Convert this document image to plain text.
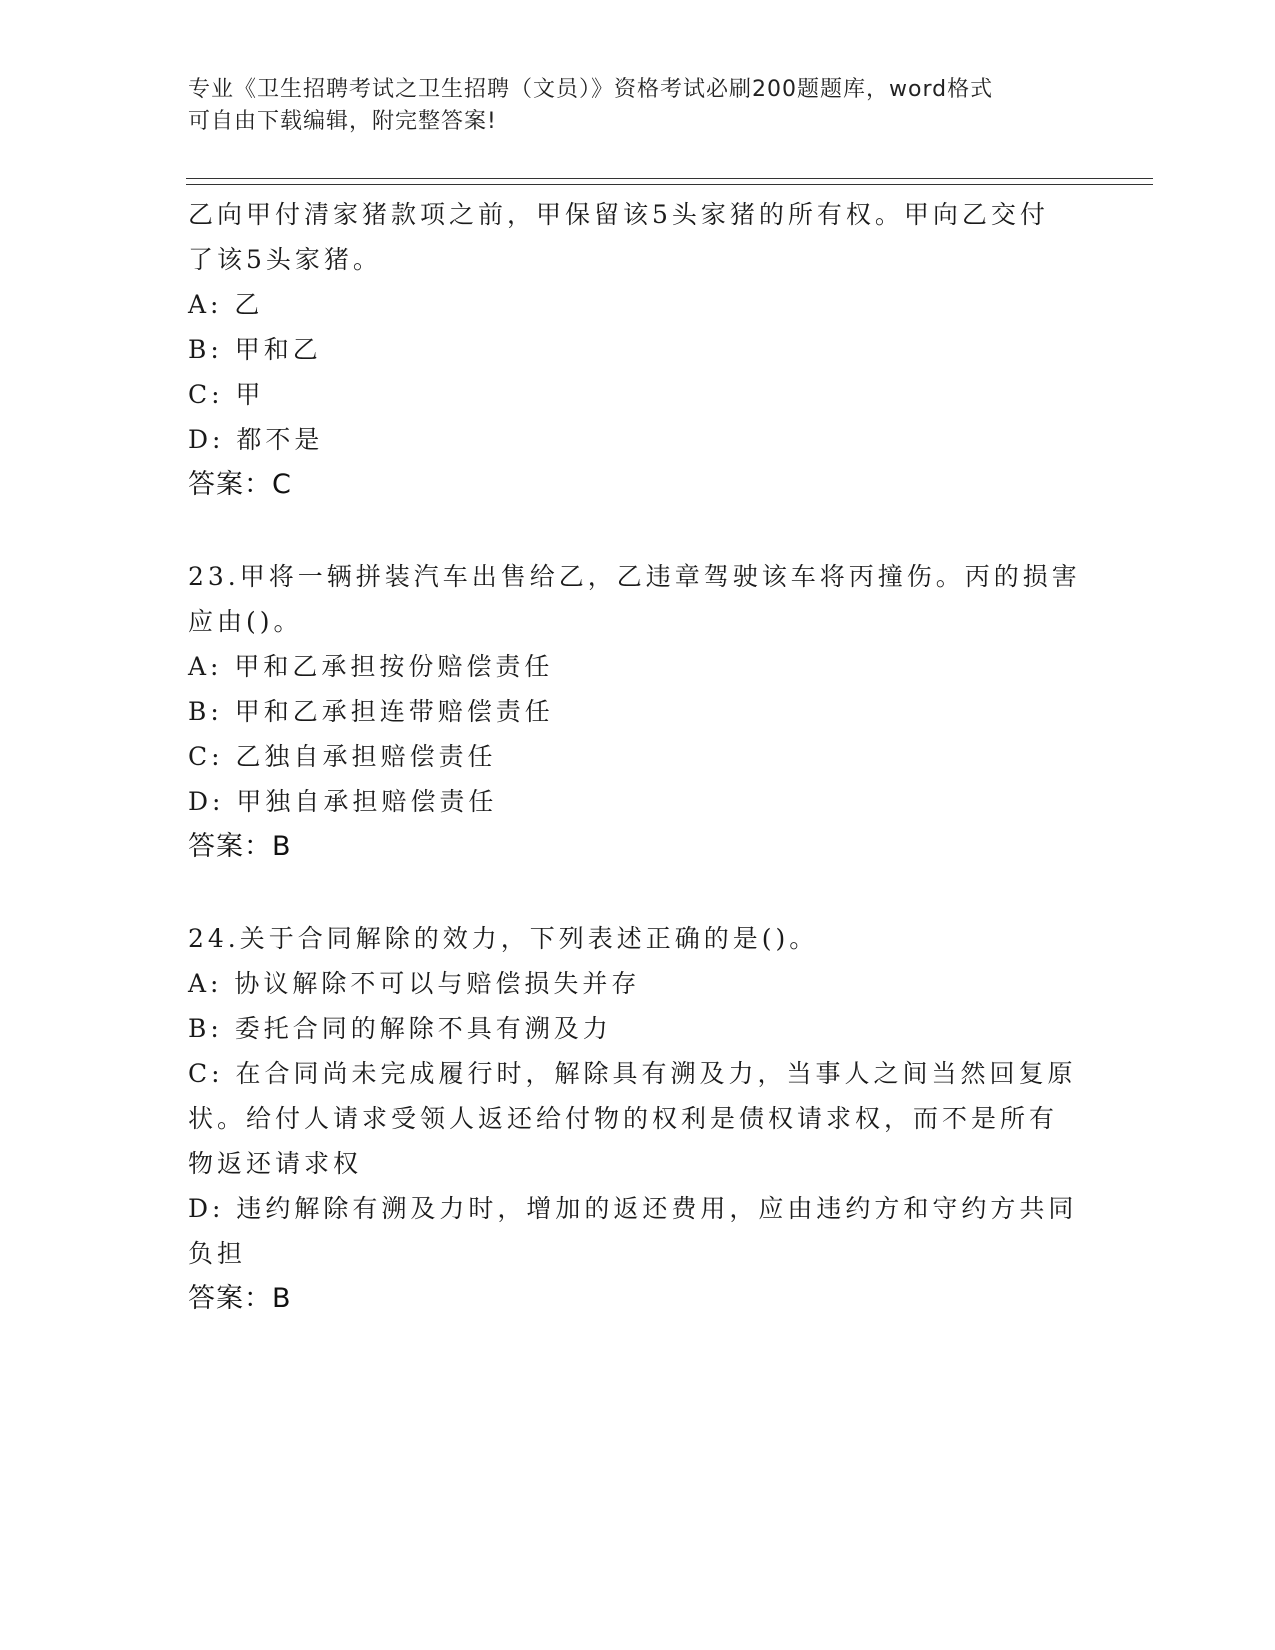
专业《卫生招聘考试之卫生招聘（文员）》资格考试必刷200题题库，word格式
可自由下载编辑，附完整答案!
乙向甲付清家猪款项之前，甲保留该5头家猪的所有权。甲向乙交付
了该5头家猪。
A: 乙
B: 甲和乙
C: 甲
D: 都不是
答案：C
23.甲将一辆拼装汽车出售给乙，乙违章驾驶该车将丙撞伤。丙的损害
应由()。
A: 甲和乙承担按份赔偿责任
B: 甲和乙承担连带赔偿责任
C: 乙独自承担赔偿责任
D: 甲独自承担赔偿责任
答案：B
24.关于合同解除的效力，下列表述正确的是()。
A: 协议解除不可以与赔偿损失并存
B: 委托合同的解除不具有溯及力
C: 在合同尚未完成履行时，解除具有溯及力，当事人之间当然回复原
状。给付人请求受领人返还给付物的权利是债权请求权，而不是所有
物返还请求权
D: 违约解除有溯及力时，增加的返还费用，应由违约方和守约方共同
负担
答案：B
